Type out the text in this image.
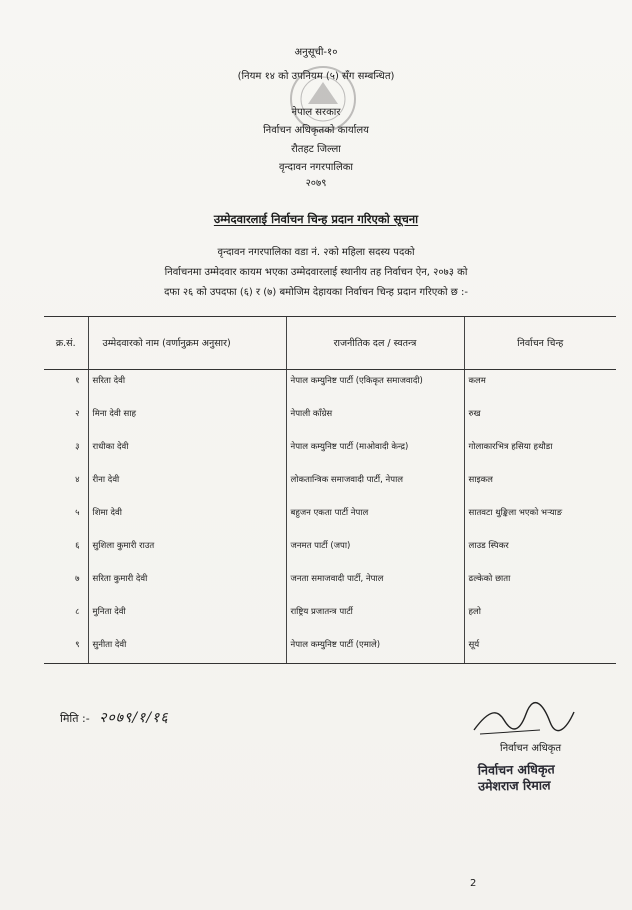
अनुसूची-१०
(नियम १४ को उपनियम (५) सँग सम्बन्धित)
नेपाल सरकार
निर्वाचन अधिकृतको कार्यालय
रौतहट जिल्ला
वृन्दावन नगरपालिका
२०७९
उम्मेदवारलाई निर्वाचन चिन्ह प्रदान गरिएको सूचना
वृन्दावन नगरपालिका वडा नं. २को महिला सदस्य पदको
निर्वाचनमा उम्मेदवार कायम भएका उम्मेदवारलाई स्थानीय तह निर्वाचन ऐन, २०७३ को
दफा २६ को उपदफा (६) र (७) बमोजिम देहायका निर्वाचन चिन्ह प्रदान गरिएको छ :-
क्र.सं.	उम्मेदवारको नाम (वर्णानुक्रम अनुसार)	राजनीतिक दल / स्वतन्त्र	निर्वाचन चिन्ह
१	सरिता देवी	नेपाल कम्युनिष्ट पार्टी (एकिकृत समाजवादी)	कलम
२	मिना देवी साह	नेपाली काँग्रेस	रुख
३	राधीका देवी	नेपाल कम्युनिष्ट पार्टी (माओवादी केन्द्र)	गोलाकारभित्र हसिया हथौडा
४	रीना देवी	लोकतान्त्रिक समाजवादी पार्टी, नेपाल	साइकल
५	शिमा देवी	बहुजन एकता पार्टी नेपाल	सातवटा थुङ्किला भएको भऱ्याङ
६	सुशिला कुमारी राउत	जनमत पार्टी (जपा)	लाउड स्पिकर
७	सरिता कुमारी देवी	जनता समाजवादी पार्टी, नेपाल	ढल्केको छाता
८	मुनिता देवी	राष्ट्रिय प्रजातन्त्र पार्टी	हलो
९	सुनीता देवी	नेपाल कम्युनिष्ट पार्टी (एमाले)	सूर्य
मिति :- २०७९/१/१६
निर्वाचन अधिकृत
निर्वाचन अधिकृत
उमेशराज रिमाल
2
